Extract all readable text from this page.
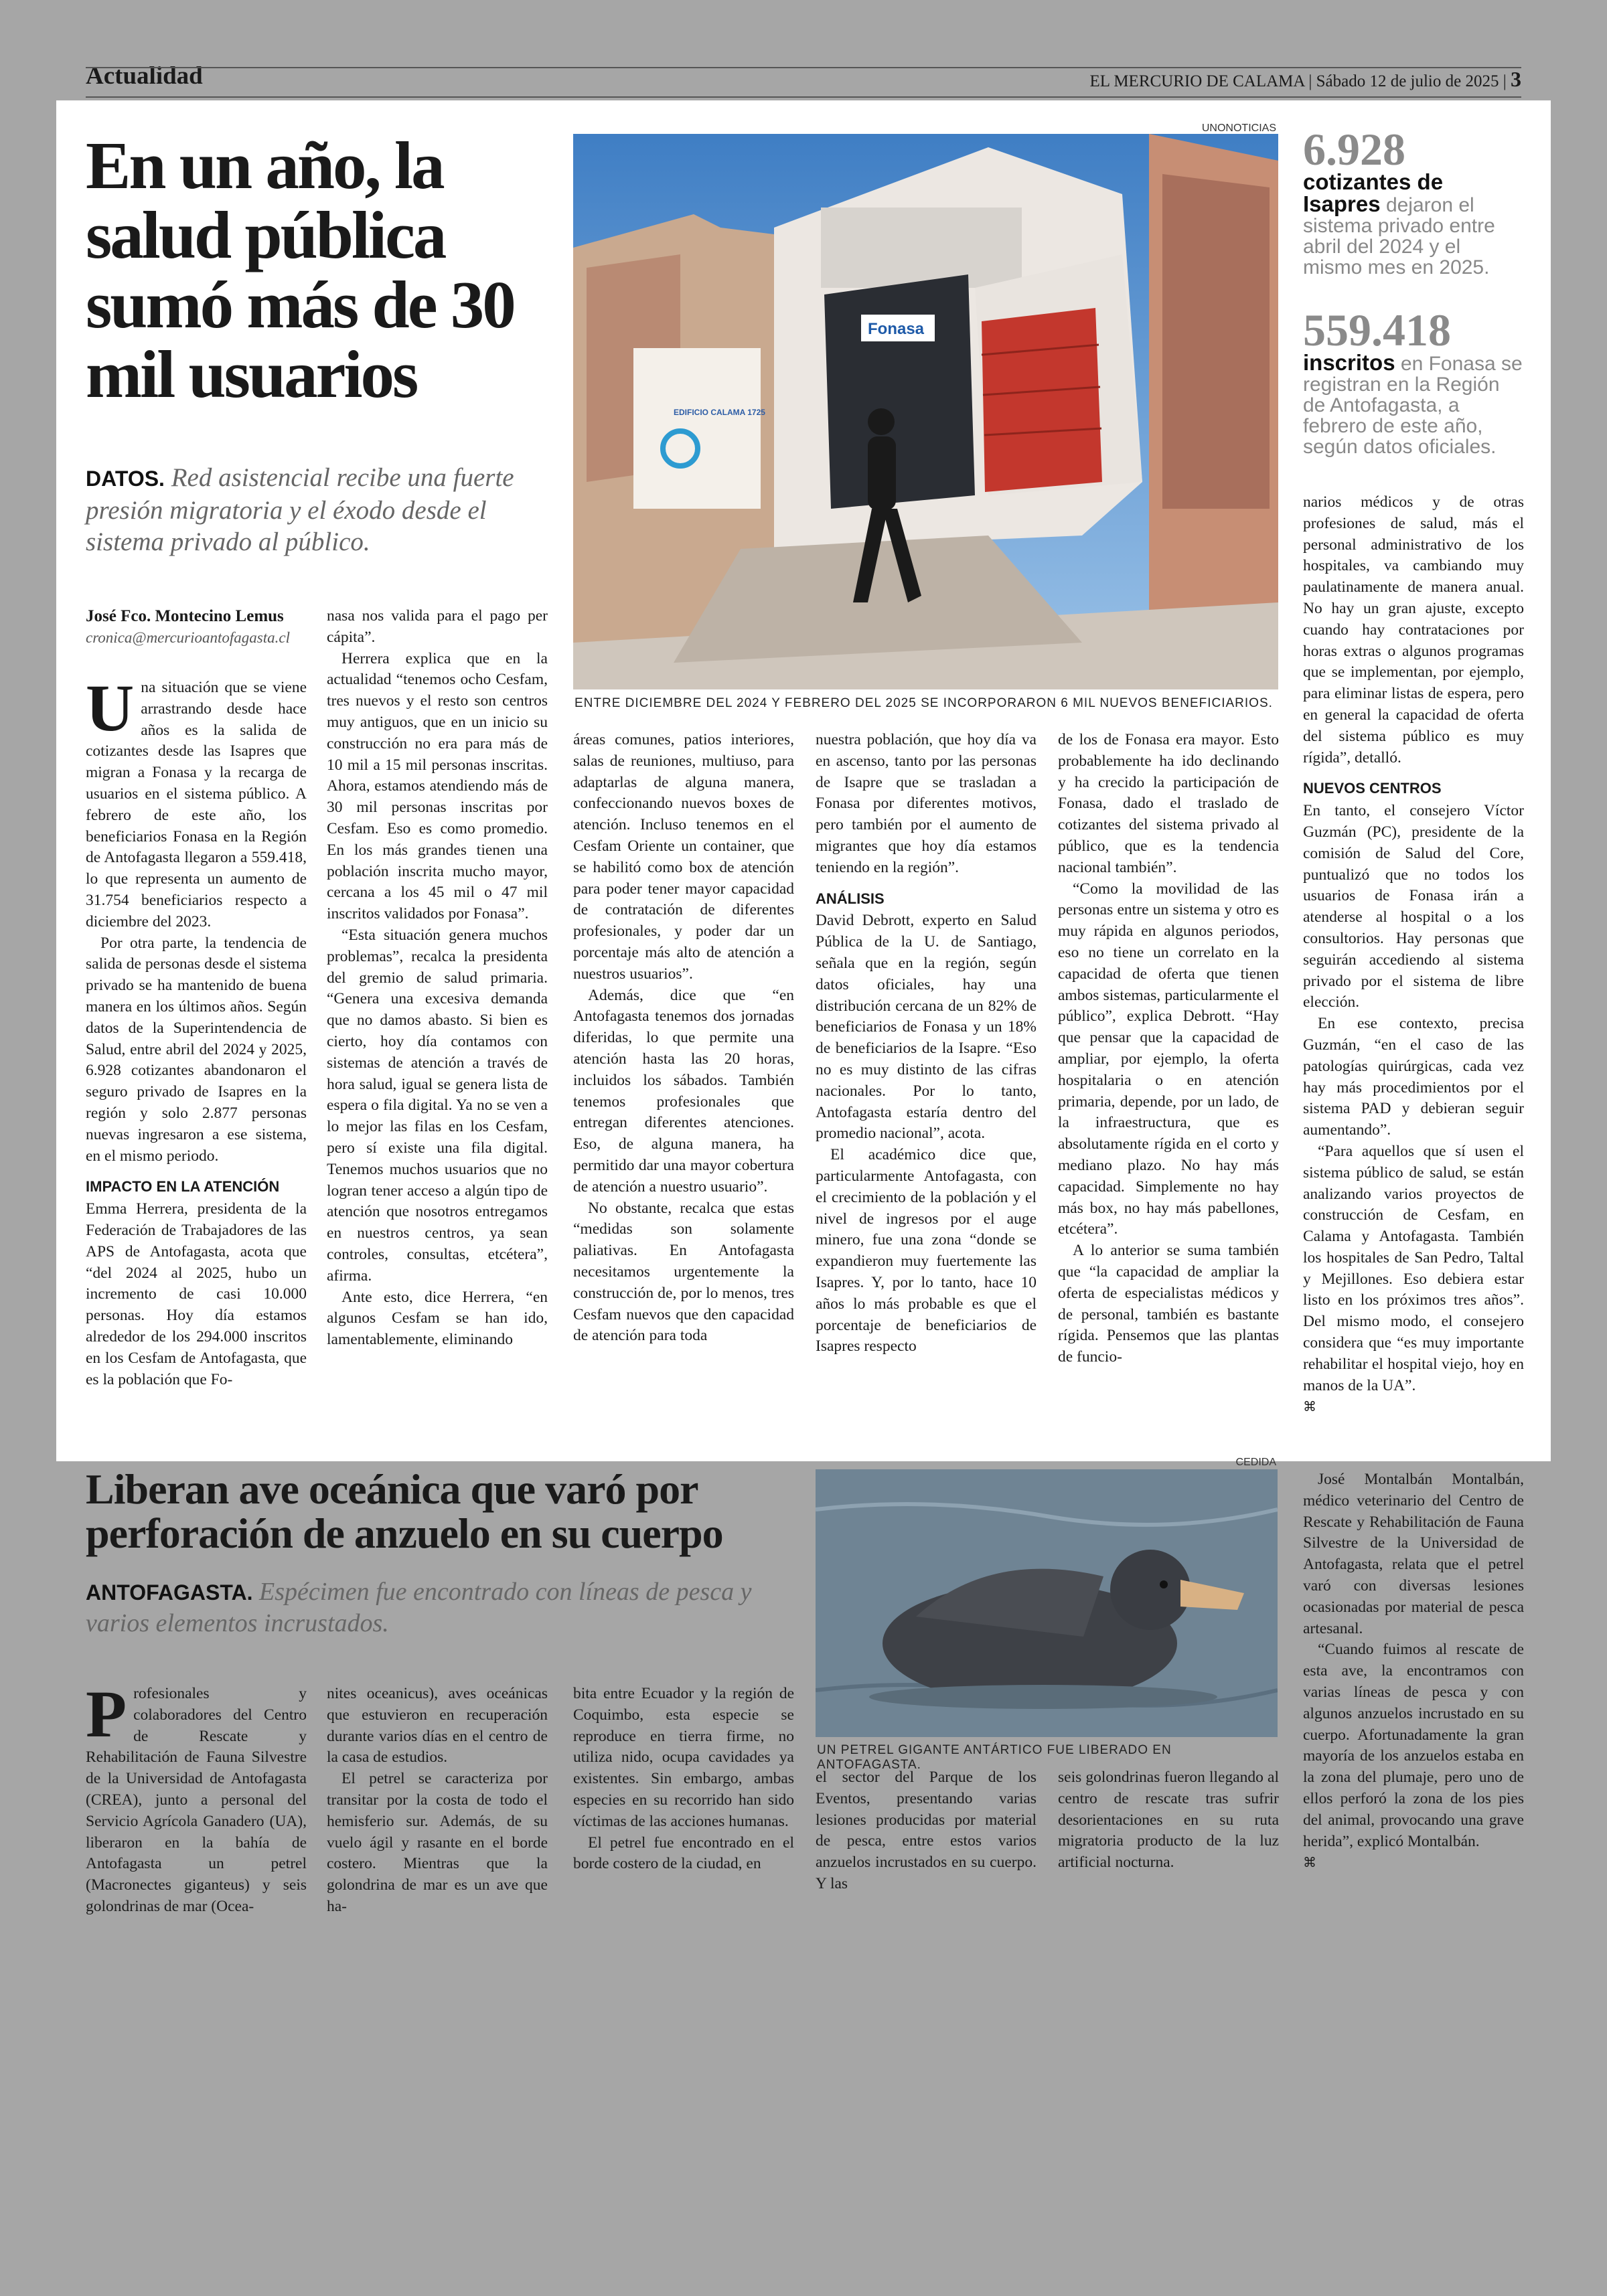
Actualidad	EL MERCURIO DE CALAMA | Sábado 12 de julio de 2025 | 3
En un año, la salud pública sumó más de 30 mil usuarios
DATOS. Red asistencial recibe una fuerte presión migratoria y el éxodo desde el sistema privado al público.
José Fco. Montecino Lemus
cronica@mercurioantofagasta.cl
UNONOTICIAS
Fonasa
EDIFICIO CALAMA 1725
ENTRE DICIEMBRE DEL 2024 Y FEBRERO DEL 2025 SE INCORPORARON 6 MIL NUEVOS BENEFICIARIOS.
6.928
cotizantes de Isapres dejaron el sistema privado entre abril del 2024 y el mismo mes en 2025.
559.418
inscritos en Fonasa se registran en la Región de Antofagasta, a febrero de este año, según datos oficiales.
U na situación que se viene arrastrando desde hace años es la salida de cotizantes desde las Isapres que migran a Fonasa y la recarga de usuarios en el sistema público. A febrero de este año, los beneficiarios Fonasa en la Región de Antofagasta llegaron a 559.418, lo que representa un aumento de 31.754 beneficiarios respecto a diciembre del 2023.

Por otra parte, la tendencia de salida de personas desde el sistema privado se ha mantenido de buena manera en los últimos años. Según datos de la Superintendencia de Salud, entre abril del 2024 y 2025, 6.928 cotizantes abandonaron el seguro privado de Isapres en la región y solo 2.877 personas nuevas ingresaron a ese sistema, en el mismo periodo.

IMPACTO EN LA ATENCIÓN

Emma Herrera, presidenta de la Federación de Trabajadores de las APS de Antofagasta, acota que “del 2024 al 2025, hubo un incremento de casi 10.000 personas. Hoy día estamos alrededor de los 294.000 inscritos en los Cesfam de Antofagasta, que es la población que Fo-

nasa nos valida para el pago per cápita”.

Herrera explica que en la actualidad “tenemos ocho Cesfam, tres nuevos y el resto son centros muy antiguos, que en un inicio su construcción no era para más de 10 mil a 15 mil personas inscritas. Ahora, estamos atendiendo más de 30 mil personas inscritas por Cesfam. Eso es como promedio. En los más grandes tienen una población inscrita mucho mayor, cercana a los 45 mil o 47 mil inscritos validados por Fonasa”.

“Esta situación genera muchos problemas”, recalca la presidenta del gremio de salud primaria. “Genera una excesiva demanda que no damos abasto. Si bien es cierto, hoy día contamos con sistemas de atención a través de hora salud, igual se genera lista de espera o fila digital. Ya no se ven a lo mejor las filas en los Cesfam, pero sí existe una fila digital. Tenemos muchos usuarios que no logran tener acceso a algún tipo de atención que nosotros entregamos en nuestros centros, ya sean controles, consultas, etcétera”, afirma.

Ante esto, dice Herrera, “en algunos Cesfam se han ido, lamentablemente, eliminando

áreas comunes, patios interiores, salas de reuniones, multiuso, para adaptarlas de alguna manera, confeccionando nuevos boxes de atención. Incluso tenemos en el Cesfam Oriente un container, que se habilitó como box de atención para poder tener mayor capacidad de contratación de diferentes profesionales, y poder dar un porcentaje más alto de atención a nuestros usuarios”.

Además, dice que “en Antofagasta tenemos dos jornadas diferidas, lo que permite una atención hasta las 20 horas, incluidos los sábados. También tenemos profesionales que entregan diferentes atenciones. Eso, de alguna manera, ha permitido dar una mayor cobertura de atención a nuestro usuario”.

No obstante, recalca que estas “medidas son solamente paliativas. En Antofagasta necesitamos urgentemente la construcción de, por lo menos, tres Cesfam nuevos que den capacidad de atención para toda

nuestra población, que hoy día va en ascenso, tanto por las personas de Isapre que se trasladan a Fonasa por diferentes motivos, pero también por el aumento de migrantes que hoy día estamos teniendo en la región”.

ANÁLISIS

David Debrott, experto en Salud Pública de la U. de Santiago, señala que en la región, según datos oficiales, hay una distribución cercana de un 82% de beneficiarios de Fonasa y un 18% de beneficiarios de la Isapre. “Eso no es muy distinto de las cifras nacionales. Por lo tanto, Antofagasta estaría dentro del promedio nacional”, acota.

El académico dice que, particularmente Antofagasta, con el crecimiento de la población y el nivel de ingresos por el auge minero, fue una zona “donde se expandieron muy fuertemente las Isapres. Y, por lo tanto, hace 10 años lo más probable es que el porcentaje de beneficiarios de Isapres respecto

de los de Fonasa era mayor. Esto probablemente ha ido declinando y ha crecido la participación de Fonasa, dado el traslado de cotizantes del sistema privado al público, que es la tendencia nacional también”.

“Como la movilidad de las personas entre un sistema y otro es muy rápida en algunos periodos, eso no tiene un correlato en la capacidad de oferta que tienen ambos sistemas, particularmente el público”, explica Debrott. “Hay que pensar que la capacidad de ampliar, por ejemplo, la oferta hospitalaria o en atención primaria, depende, por un lado, de la infraestructura, que es absolutamente rígida en el corto y mediano plazo. No hay más capacidad. Simplemente no hay más box, no hay más pabellones, etcétera”.

A lo anterior se suma también que “la capacidad de ampliar la oferta de especialistas médicos y de personal, también es bastante rígida. Pensemos que las plantas de funcio-

narios médicos y de otras profesiones de salud, más el personal administrativo de los hospitales, va cambiando muy paulatinamente de manera anual. No hay un gran ajuste, excepto cuando hay contrataciones por horas extras o algunos programas que se implementan, por ejemplo, para eliminar listas de espera, pero en general la capacidad de oferta del sistema público es muy rígida”, detalló.

NUEVOS CENTROS

En tanto, el consejero Víctor Guzmán (PC), presidente de la comisión de Salud del Core, puntualizó que no todos los usuarios de Fonasa irán a atenderse al hospital o a los consultorios. Hay personas que seguirán accediendo al sistema privado por el sistema de libre elección.

En ese contexto, precisa Guzmán, “en el caso de las patologías quirúrgicas, cada vez hay más procedimientos por el sistema PAD y debieran seguir aumentando”.

“Para aquellos que sí usen el sistema público de salud, se están analizando varios proyectos de construcción de Cesfam, en Calama y Antofagasta. También los hospitales de San Pedro, Taltal y Mejillones. Eso debiera estar listo en los próximos tres años”. Del mismo modo, el consejero considera que “es muy importante rehabilitar el hospital viejo, hoy en manos de la UA”.

⌘
Liberan ave oceánica que varó por perforación de anzuelo en su cuerpo
ANTOFAGASTA. Espécimen fue encontrado con líneas de pesca y varios elementos incrustados.
CEDIDA
UN PETREL GIGANTE ANTÁRTICO FUE LIBERADO EN ANTOFAGASTA.
P rofesionales y colaboradores del Centro de Rescate y Rehabilitación de Fauna Silvestre de la Universidad de Antofagasta (CREA), junto a personal del Servicio Agrícola Ganadero (UA), liberaron en la bahía de Antofagasta un petrel (Macronectes giganteus) y seis golondrinas de mar (Ocea-

nites oceanicus), aves oceánicas que estuvieron en recuperación durante varios días en el centro de la casa de estudios.

El petrel se caracteriza por transitar por la costa de todo el hemisferio sur. Además, de su vuelo ágil y rasante en el borde costero. Mientras que la golondrina de mar es un ave que ha-

bita entre Ecuador y la región de Coquimbo, esta especie se reproduce en tierra firme, no utiliza nido, ocupa cavidades ya existentes. Sin embargo, ambas especies en su recorrido han sido víctimas de las acciones humanas.

El petrel fue encontrado en el borde costero de la ciudad, en

el sector del Parque de los Eventos, presentando varias lesiones producidas por material de pesca, entre estos varios anzuelos incrustados en su cuerpo. Y las

seis golondrinas fueron llegando al centro de rescate tras sufrir desorientaciones en su ruta migratoria producto de la luz artificial nocturna.

José Montalbán Montalbán, médico veterinario del Centro de Rescate y Rehabilitación de Fauna Silvestre de la Universidad de Antofagasta, relata que el petrel varó con diversas lesiones ocasionadas por material de pesca artesanal.

“Cuando fuimos al rescate de esta ave, la encontramos con varias líneas de pesca y con algunos anzuelos incrustado en su cuerpo. Afortunadamente la gran mayoría de los anzuelos estaba en la zona del plumaje, pero uno de ellos perforó la zona de los pies del animal, provocando una grave herida”, explicó Montalbán.

⌘
